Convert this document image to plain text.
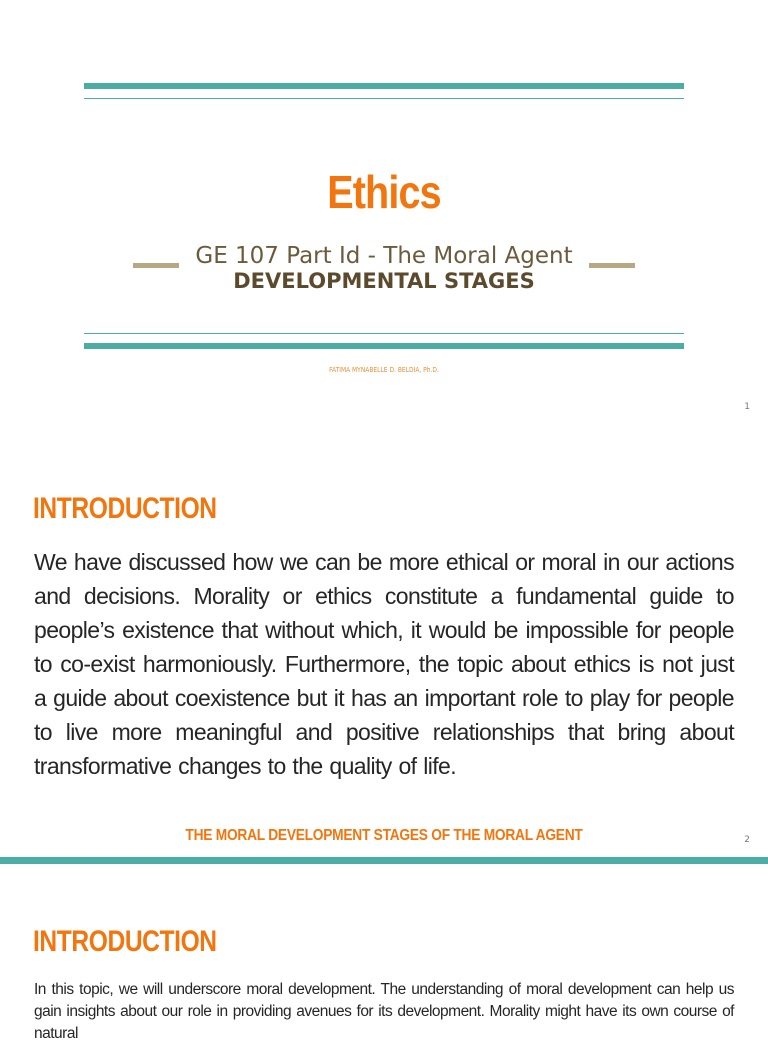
Ethics
GE 107 Part Id - The Moral Agent
DEVELOPMENTAL STAGES
FATIMA MYNABELLE D. BELDIA, Ph.D.
1
INTRODUCTION
We have discussed how we can be more ethical or moral in our actions and decisions. Morality or ethics constitute a fundamental guide to people’s existence that without which, it would be impossible for people to co-exist harmoniously. Furthermore, the topic about ethics is not just a guide about coexistence but it has an important role to play for people to live more meaningful and positive relationships that bring about transformative changes to the quality of life.
THE MORAL DEVELOPMENT STAGES OF THE MORAL AGENT	2
INTRODUCTION
In this topic, we will underscore moral development. The understanding of moral development can help us gain insights about our role in providing avenues for its development. Morality might have its own course of natural
